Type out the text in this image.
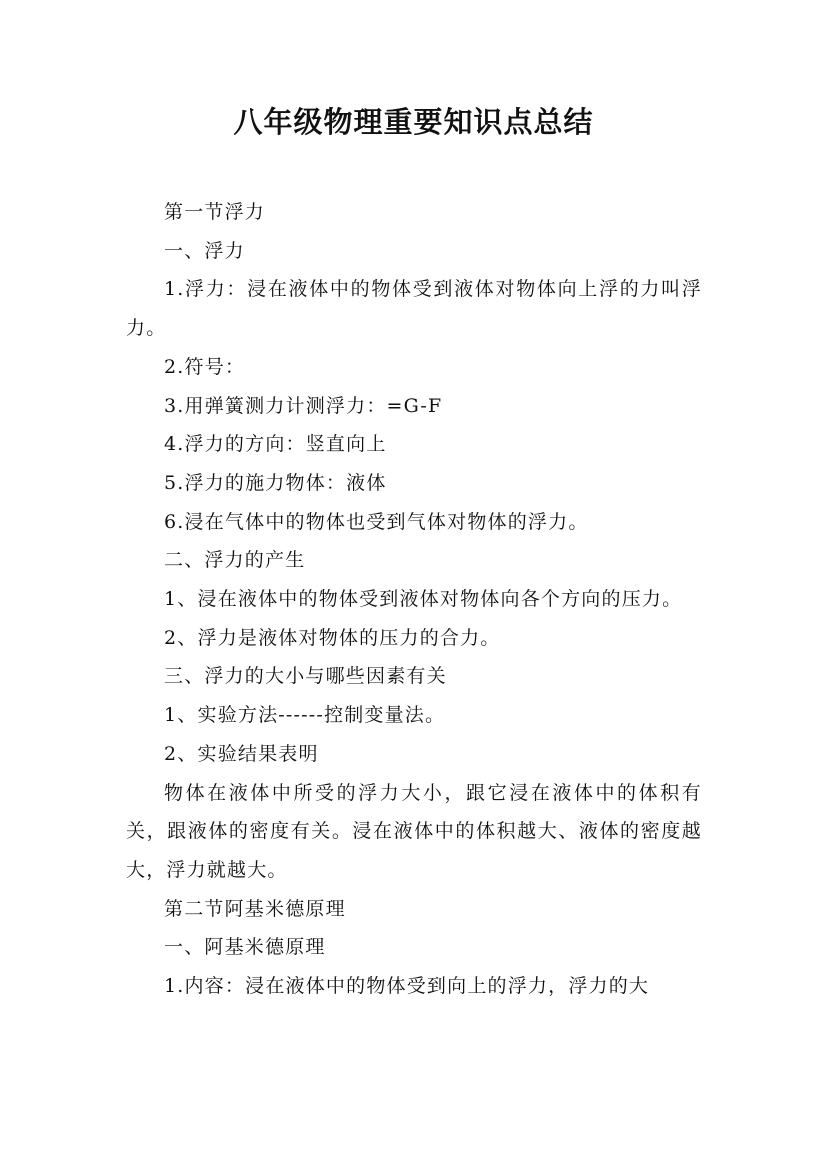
八年级物理重要知识点总结

第一节浮力

一、浮力

1.浮力：浸在液体中的物体受到液体对物体向上浮的力叫浮力。

2.符号：

3.用弹簧测力计测浮力：=G-F

4.浮力的方向：竖直向上

5.浮力的施力物体：液体

6.浸在气体中的物体也受到气体对物体的浮力。

二、浮力的产生

1、浸在液体中的物体受到液体对物体向各个方向的压力。

2、浮力是液体对物体的压力的合力。

三、浮力的大小与哪些因素有关

1、实验方法------控制变量法。

2、实验结果表明

物体在液体中所受的浮力大小，跟它浸在液体中的体积有关，跟液体的密度有关。浸在液体中的体积越大、液体的密度越大，浮力就越大。

第二节阿基米德原理

一、阿基米德原理

1.内容：浸在液体中的物体受到向上的浮力，浮力的大
